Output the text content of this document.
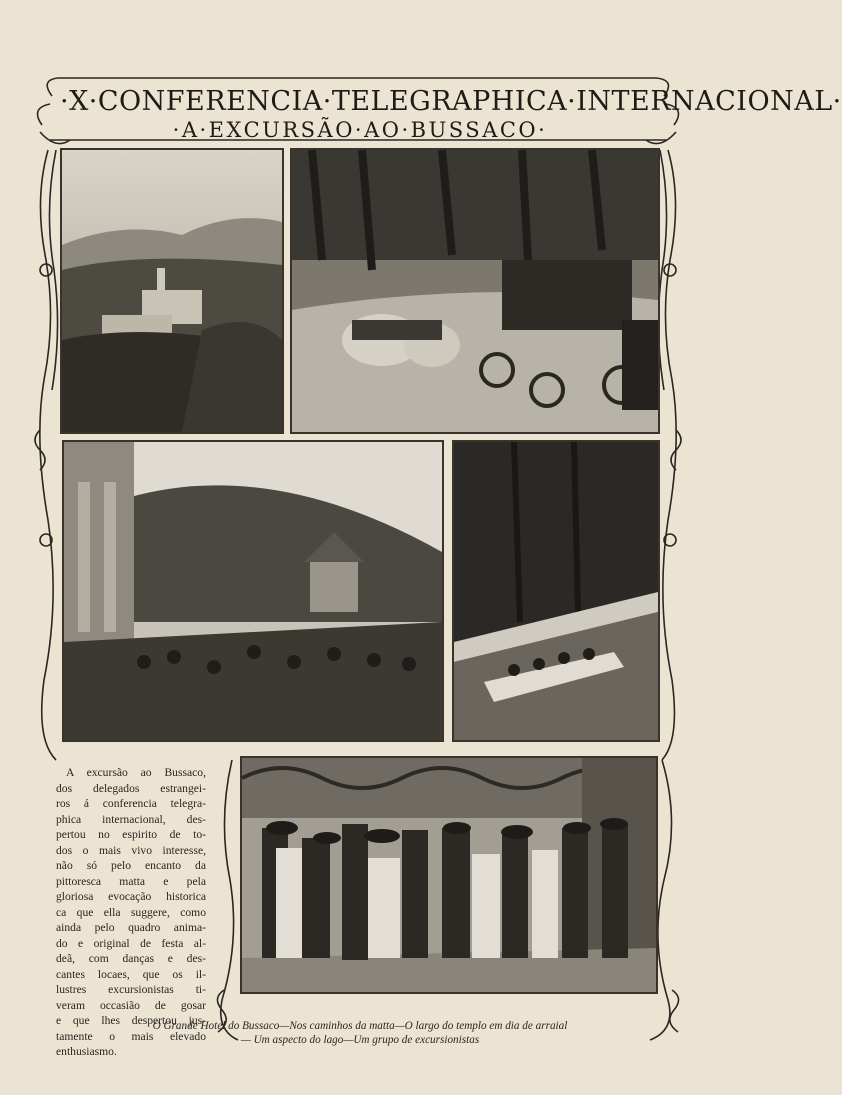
·X·CONFERENCIA·TELEGRAPHICA·INTERNACIONAL·
·A·EXCURSÃO·AO·BUSSACO·
A excursão ao Bussaco,
dos delegados estrangei-
ros á conferencia telegra-
phica internacional, des-
pertou no espirito de to-
dos o mais vivo interesse,
não só pelo encanto da
pittoresca matta e pela
gloriosa evocação historica
ca que ella suggere, como
ainda pelo quadro anima-
do e original de festa al-
deã, com danças e des-
cantes locaes, que os il-
lustres excursionistas ti-
veram occasião de gosar
e que lhes despertou jus-
tamente o mais elevado
enthusiasmo.
O Grande Hotel do Bussaco—Nos caminhos da matta—O largo do templo em dia de arraial
— Um aspecto do lago—Um grupo de excursionistas
